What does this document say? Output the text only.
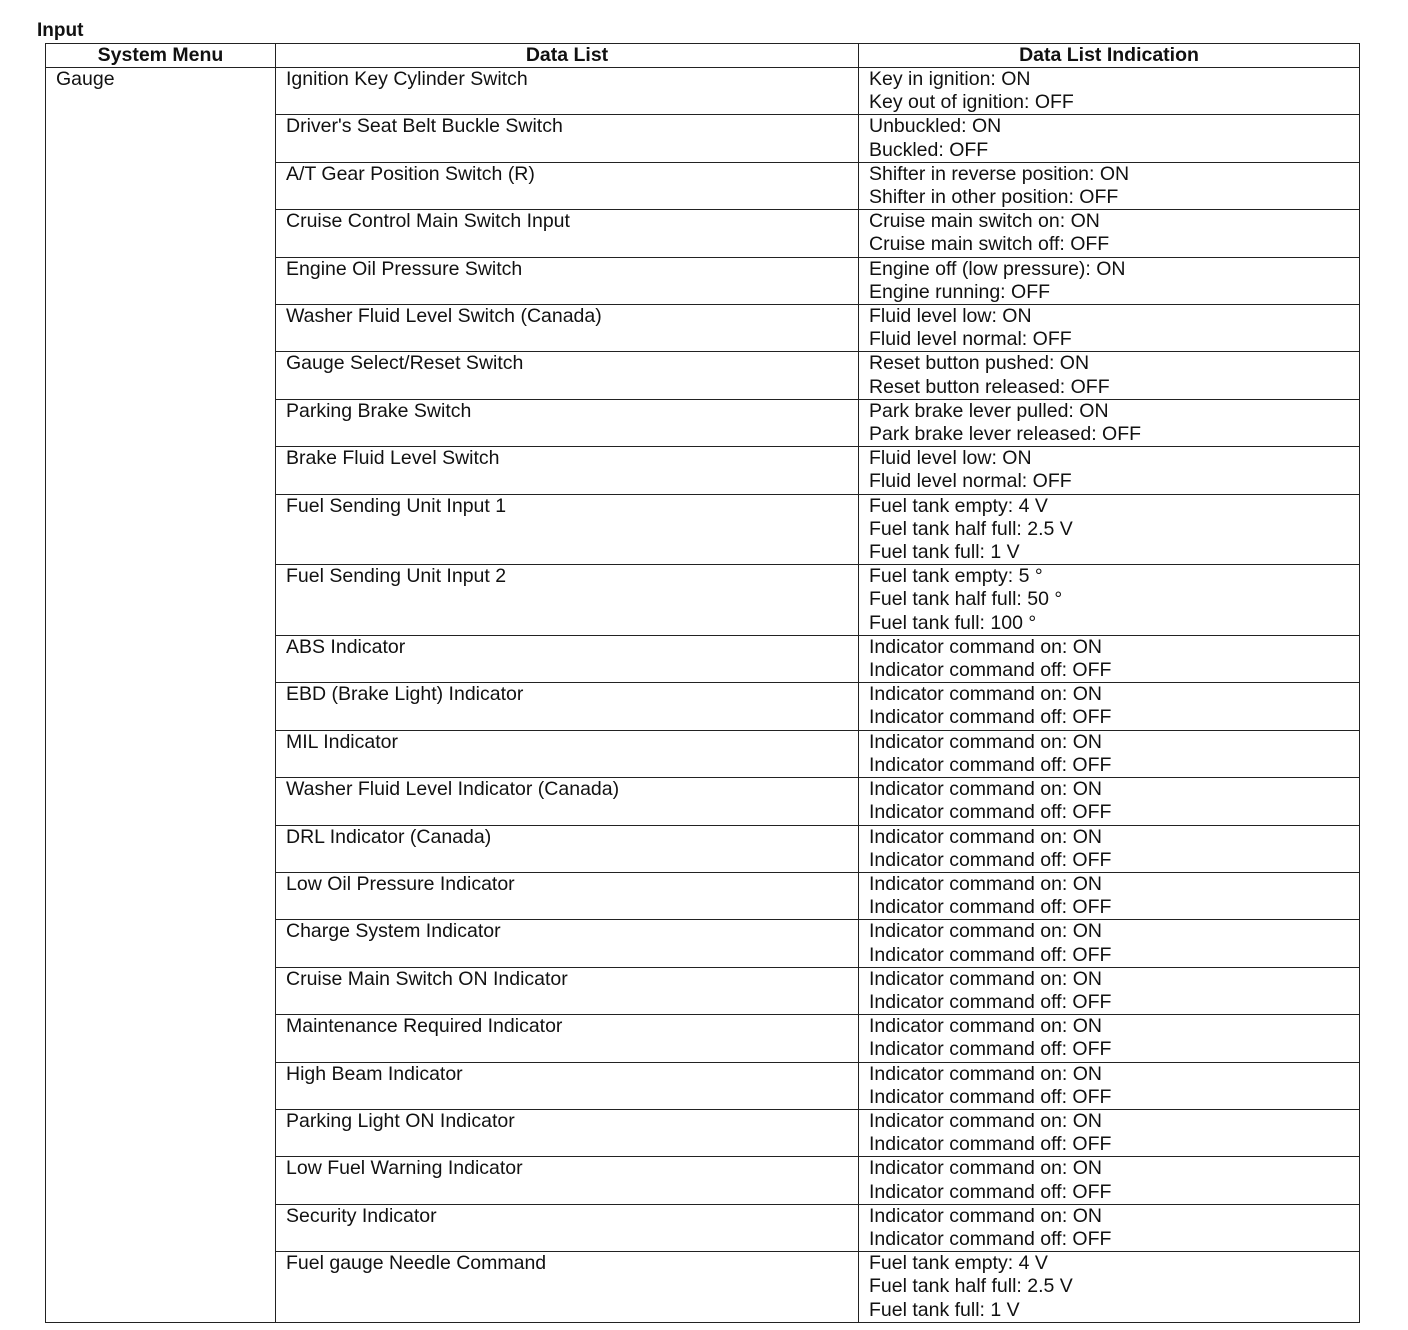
Input
System Menu	Data List	Data List Indication
Gauge	Ignition Key Cylinder Switch	Key in ignition: ON
Key out of ignition: OFF

	Driver's Seat Belt Buckle Switch	Unbuckled: ON
Buckled: OFF

	A/T Gear Position Switch (R)	Shifter in reverse position: ON
Shifter in other position: OFF

	Cruise Control Main Switch Input	Cruise main switch on: ON
Cruise main switch off: OFF

	Engine Oil Pressure Switch	Engine off (low pressure): ON
Engine running: OFF

	Washer Fluid Level Switch (Canada)	Fluid level low: ON
Fluid level normal: OFF

	Gauge Select/Reset Switch	Reset button pushed: ON
Reset button released: OFF

	Parking Brake Switch	Park brake lever pulled: ON
Park brake lever released: OFF

	Brake Fluid Level Switch	Fluid level low: ON
Fluid level normal: OFF

	Fuel Sending Unit Input 1	Fuel tank empty: 4 V
Fuel tank half full: 2.5 V
Fuel tank full: 1 V

	Fuel Sending Unit Input 2	Fuel tank empty: 5 °
Fuel tank half full: 50 °
Fuel tank full: 100 °

	ABS Indicator	Indicator command on: ON
Indicator command off: OFF

	EBD (Brake Light) Indicator	Indicator command on: ON
Indicator command off: OFF

	MIL Indicator	Indicator command on: ON
Indicator command off: OFF

	Washer Fluid Level Indicator (Canada)	Indicator command on: ON
Indicator command off: OFF

	DRL Indicator (Canada)	Indicator command on: ON
Indicator command off: OFF

	Low Oil Pressure Indicator	Indicator command on: ON
Indicator command off: OFF

	Charge System Indicator	Indicator command on: ON
Indicator command off: OFF

	Cruise Main Switch ON Indicator	Indicator command on: ON
Indicator command off: OFF

	Maintenance Required Indicator	Indicator command on: ON
Indicator command off: OFF

	High Beam Indicator	Indicator command on: ON
Indicator command off: OFF

	Parking Light ON Indicator	Indicator command on: ON
Indicator command off: OFF

	Low Fuel Warning Indicator	Indicator command on: ON
Indicator command off: OFF

	Security Indicator	Indicator command on: ON
Indicator command off: OFF

	Fuel gauge Needle Command	Fuel tank empty: 4 V
Fuel tank half full: 2.5 V
Fuel tank full: 1 V
